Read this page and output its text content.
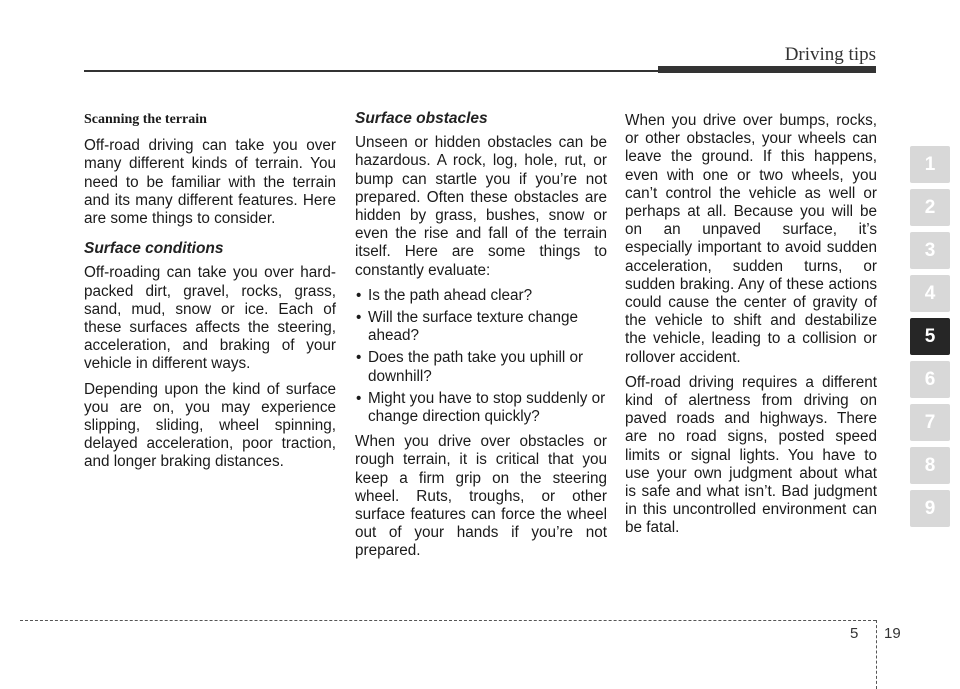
Driving tips
Scanning the terrain

Off-road driving can take you over many different kinds of terrain. You need to be familiar with the terrain and its many different features. Here are some things to consider.

Surface conditions

Off-roading can take you over hard-packed dirt, gravel, rocks, grass, sand, mud, snow or ice. Each of these surfaces affects the steering, acceleration, and braking of your vehicle in different ways.

Depending upon the kind of surface you are on, you may experience slipping, sliding, wheel spinning, delayed acceleration, poor traction, and longer braking distances.

Surface obstacles

Unseen or hidden obstacles can be hazardous. A rock, log, hole, rut, or bump can startle you if you’re not prepared. Often these obstacles are hidden by grass, bushes, snow or even the rise and fall of the terrain itself. Here are some things to constantly evaluate:

• Is the path ahead clear?
• Will the surface texture change ahead?
• Does the path take you uphill or downhill?
• Might you have to stop suddenly or change direction quickly?

When you drive over obstacles or rough terrain, it is critical that you keep a firm grip on the steering wheel. Ruts, troughs, or other surface features can force the wheel out of your hands if you’re not prepared.

When you drive over bumps, rocks, or other obstacles, your wheels can leave the ground. If this happens, even with one or two wheels, you can’t control the vehicle as well or perhaps at all. Because you will be on an unpaved surface, it’s especially important to avoid sudden acceleration, sudden turns, or sudden braking. Any of these actions could cause the center of gravity of the vehicle to shift and destabilize the vehicle, leading to a collision or rollover accident.

Off-road driving requires a different kind of alertness from driving on paved roads and highways. There are no road signs, posted speed limits or signal lights. You have to use your own judgment about what is safe and what isn’t. Bad judgment in this uncontrolled environment can be fatal.

1
2
3
4
5
6
7
8
9
5 19
